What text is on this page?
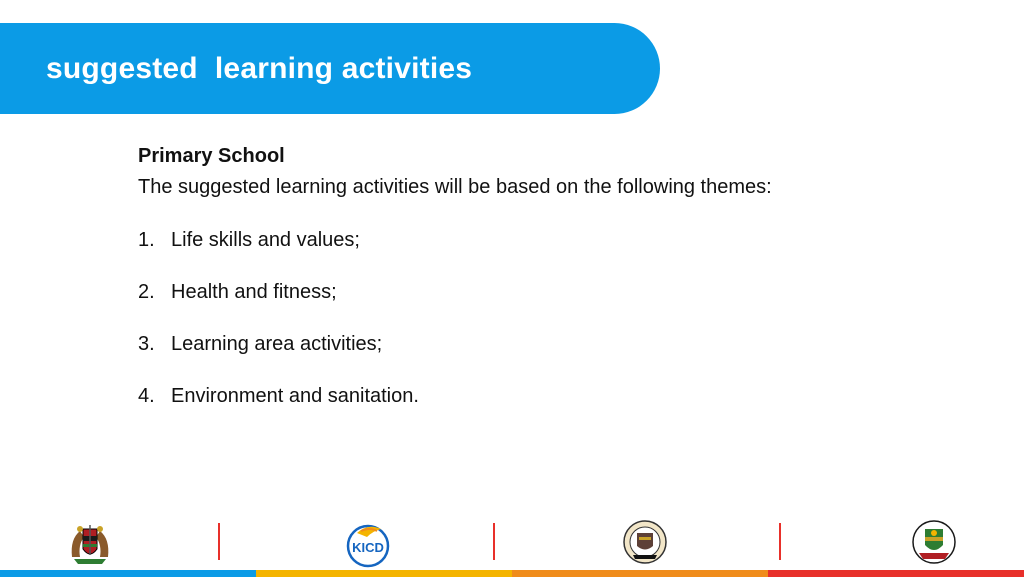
suggested  learning activities

Primary School

The suggested learning activities will be based on the following themes:

1. Life skills and values;
2. Health and fitness;
3. Learning area activities;
4. Environment and sanitation.
KICD
